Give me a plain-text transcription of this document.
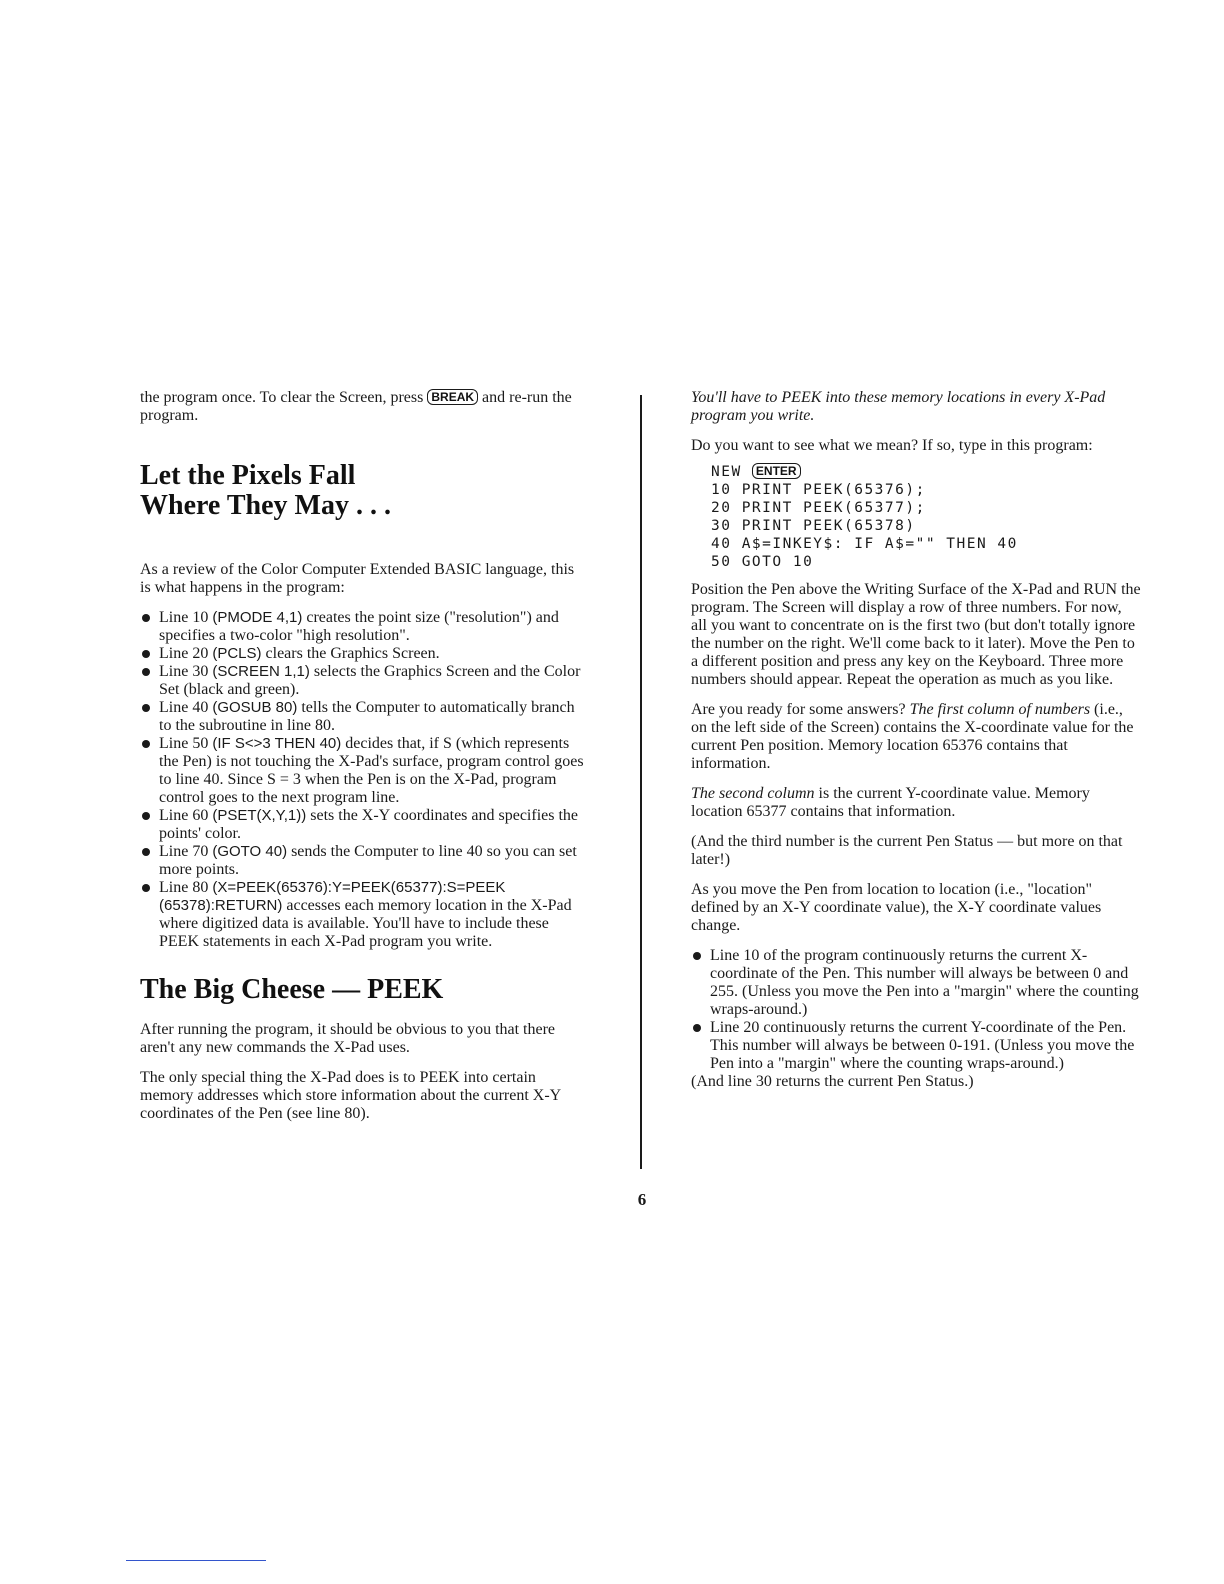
the program once. To clear the Screen, press BREAK and re-run the program.

Let the Pixels Fall
Where They May . . .

As a review of the Color Computer Extended BASIC language, this is what happens in the program:

Line 10 (PMODE 4,1) creates the point size ("resolution") and specifies a two-color "high resolution".
Line 20 (PCLS) clears the Graphics Screen.
Line 30 (SCREEN 1,1) selects the Graphics Screen and the Color Set (black and green).
Line 40 (GOSUB 80) tells the Computer to automatically branch to the subroutine in line 80.
Line 50 (IF S<>3 THEN 40) decides that, if S (which represents the Pen) is not touching the X-Pad's surface, program control goes to line 40. Since S = 3 when the Pen is on the X-Pad, program control goes to the next program line.
Line 60 (PSET(X,Y,1)) sets the X-Y coordinates and specifies the points' color.
Line 70 (GOTO 40) sends the Computer to line 40 so you can set more points.
Line 80 (X=PEEK(65376):Y=PEEK(65377):S=PEEK (65378):RETURN) accesses each memory location in the X-Pad where digitized data is available. You'll have to include these PEEK statements in each X-Pad program you write.
The Big Cheese — PEEK

After running the program, it should be obvious to you that there aren't any new commands the X-Pad uses.

The only special thing the X-Pad does is to PEEK into certain memory addresses which store information about the current X-Y coordinates of the Pen (see line 80).

You'll have to PEEK into these memory locations in every X-Pad program you write.

Do you want to see what we mean? If so, type in this program:

NEW ENTER
10 PRINT PEEK(65376);
20 PRINT PEEK(65377);
30 PRINT PEEK(65378)
40 A$=INKEY$: IF A$="" THEN 40
50 GOTO 10

Position the Pen above the Writing Surface of the X-Pad and RUN the program. The Screen will display a row of three numbers. For now, all you want to concentrate on is the first two (but don't totally ignore the number on the right. We'll come back to it later). Move the Pen to a different position and press any key on the Keyboard. Three more numbers should appear. Repeat the operation as much as you like.

Are you ready for some answers? The first column of numbers (i.e., on the left side of the Screen) contains the X-coordinate value for the current Pen position. Memory location 65376 contains that information.

The second column is the current Y-coordinate value. Memory location 65377 contains that information.

(And the third number is the current Pen Status — but more on that later!)

As you move the Pen from location to location (i.e., "location" defined by an X-Y coordinate value), the X-Y coordinate values change.

Line 10 of the program continuously returns the current X-coordinate of the Pen. This number will always be between 0 and 255. (Unless you move the Pen into a "margin" where the counting wraps-around.)
Line 20 continuously returns the current Y-coordinate of the Pen. This number will always be between 0-191. (Unless you move the Pen into a "margin" where the counting wraps-around.)

(And line 30 returns the current Pen Status.)

6
